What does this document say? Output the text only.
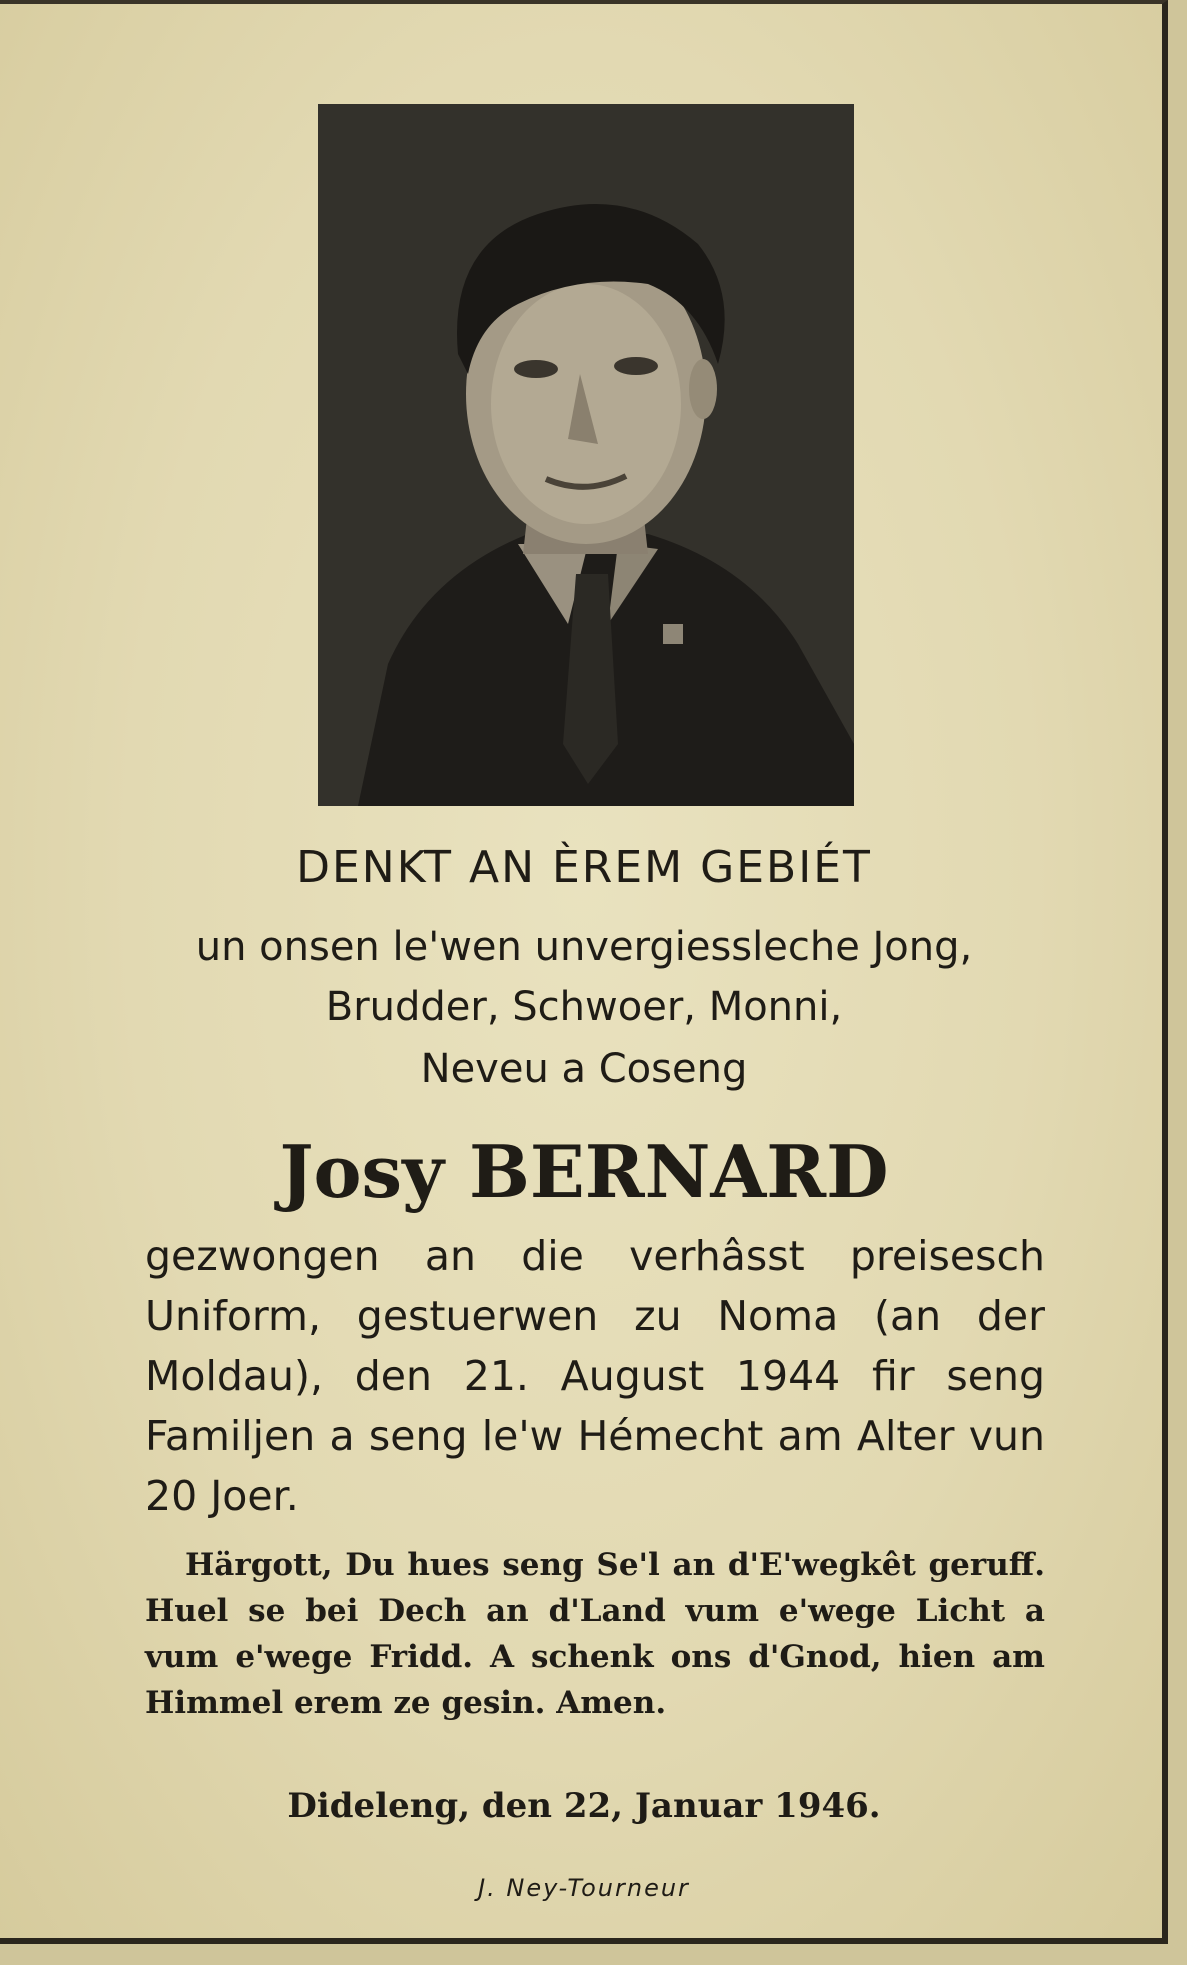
DENKT AN ÈREM GEBIÉT
un onsen le'wen unvergiessleche Jong,
Brudder, Schwoer, Monni,
Neveu a Coseng
Josy BERNARD
gezwongen an die verhâsst preisesch Uniform, gestuerwen zu Noma (an der Moldau), den 21. August 1944 fir seng Familjen a seng le'w Hémecht am Alter vun 20 Joer.
Härgott, Du hues seng Se'l an d'E'wegkêt geruff. Huel se bei Dech an d'Land vum e'wege Licht a vum e'wege Fridd. A schenk ons d'Gnod, hien am Himmel erem ze gesin. Amen.
Dideleng, den 22, Januar 1946.
J. Ney-Tourneur
